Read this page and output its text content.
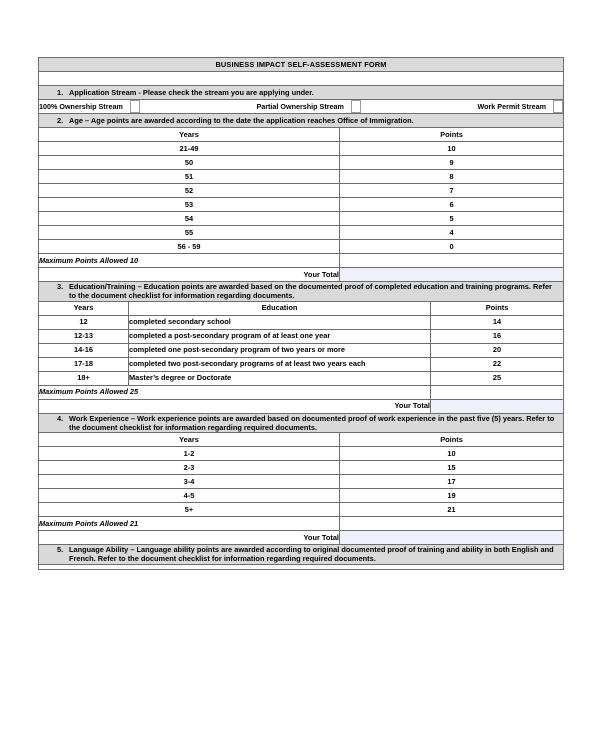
BUSINESS IMPACT SELF-ASSESSMENT FORM			

1. Application Stream - Please check the stream you are applying under.			

100% Ownership Stream Partial Ownership Stream Work Permit Stream			

2. Age – Age points are awarded according to the date the application reaches Office of Immigration.			

Years		Points	
21-49		10	
50		9	
51		8	
52		7	
53		6	
54		5	
55		4	
56 - 59		0	
Maximum Points Allowed 10			
Your Total			

3. Education/Training – Education points are awarded based on the documented proof of completed education and training programs. Refer to the document checklist for information regarding documents.			

Years	Education		Points
12	completed secondary school		14
12-13	completed a post-secondary program of at least one year		16
14-16	completed one post-secondary program of two years or more		20
17-18	completed two post-secondary programs of at least two years each		22
18+	Master’s degree or Doctorate		25
Maximum Points Allowed 25			
Your Total			

4. Work Experience – Work experience points are awarded based on documented proof of work experience in the past five (5) years. Refer to the document checklist for information regarding required documents.			

Years		Points	
1-2		10	
2-3		15	
3-4		17	
4-5		19	
5+		21	
Maximum Points Allowed 21			
Your Total			

5. Language Ability – Language ability points are awarded according to original documented proof of training and ability in both English and French. Refer to the document checklist for information regarding required documents.			
